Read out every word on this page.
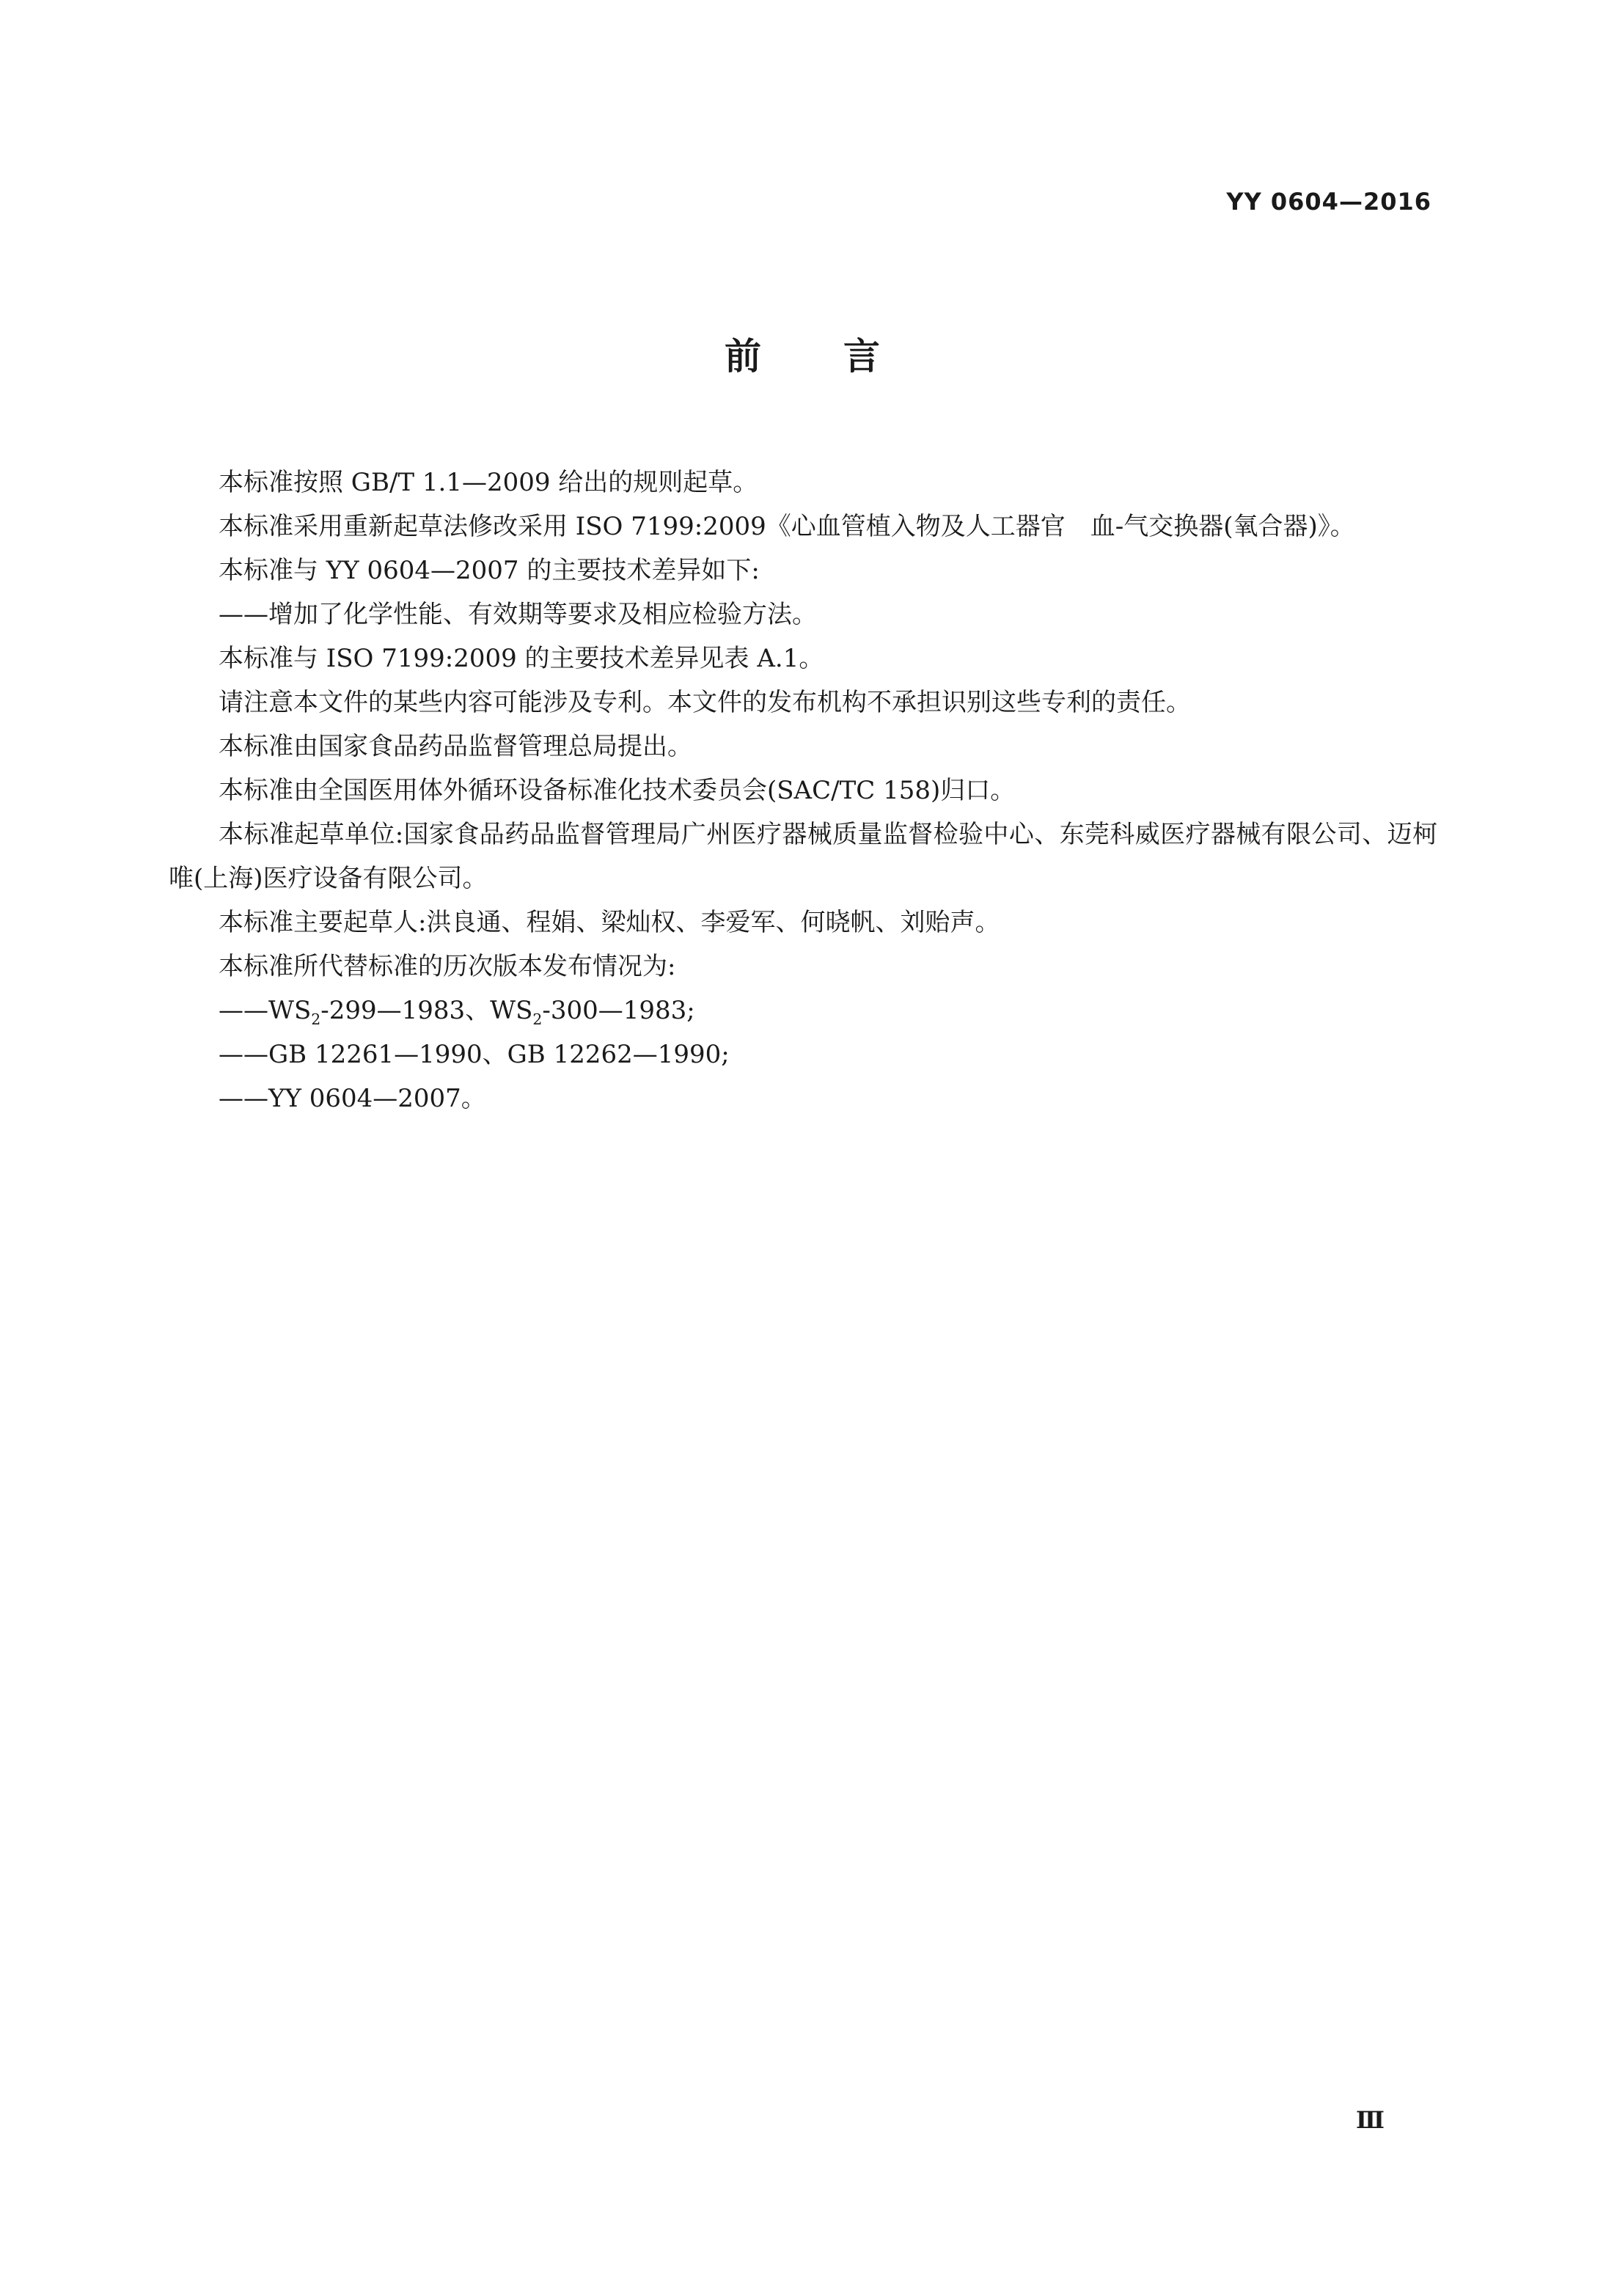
YY 0604—2016
前 言

本标准按照 GB/T 1.1—2009 给出的规则起草。

本标准采用重新起草法修改采用 ISO 7199:2009《心血管植入物及人工器官　血-气交换器(氧合器)》。

本标准与 YY 0604—2007 的主要技术差异如下:

——增加了化学性能、有效期等要求及相应检验方法。

本标准与 ISO 7199:2009 的主要技术差异见表 A.1。

请注意本文件的某些内容可能涉及专利。本文件的发布机构不承担识别这些专利的责任。

本标准由国家食品药品监督管理总局提出。

本标准由全国医用体外循环设备标准化技术委员会(SAC/TC 158)归口。

本标准起草单位:国家食品药品监督管理局广州医疗器械质量监督检验中心、东莞科威医疗器械有限公司、迈柯唯(上海)医疗设备有限公司。

本标准主要起草人:洪良通、程娟、梁灿权、李爱军、何晓帆、刘贻声。

本标准所代替标准的历次版本发布情况为:

$——WS_2-299—1983$、$WS_2-300—1983$;

——GB 12261—1990、GB 12262—1990;

——YY 0604—2007。

Ⅲ
